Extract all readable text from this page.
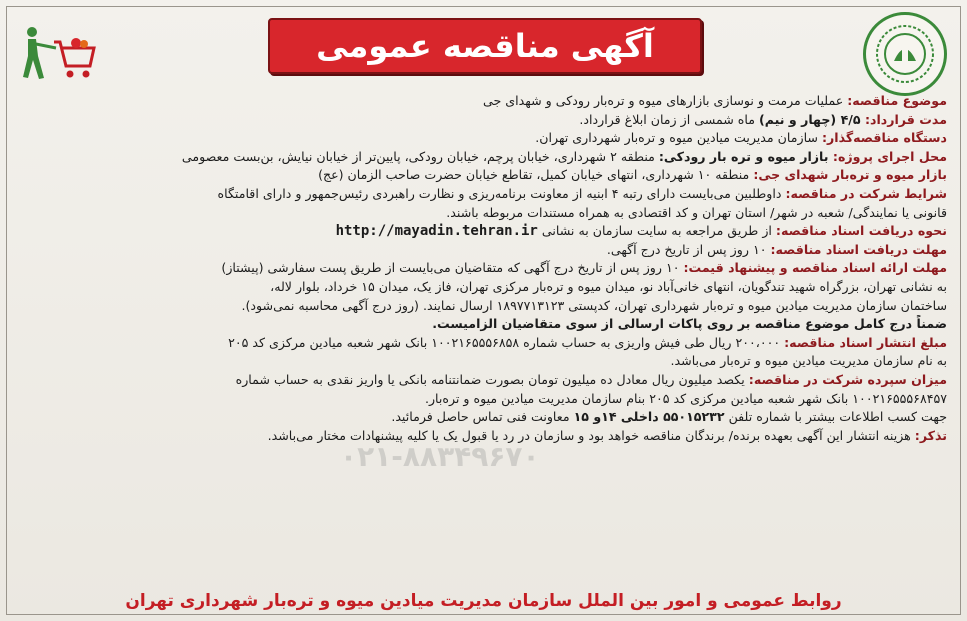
آگهی مناقصه عمومی
موضوع مناقصه: عملیات مرمت و نوسازی بازارهای میوه و تره‌بار رودکی و شهدای جی
مدت قرارداد: ۴/۵ (چهار و نیم) ماه شمسی از زمان ابلاغ قرارداد.
دستگاه مناقصه‌گذار: سازمان مدیریت میادین میوه و تره‌بار شهرداری تهران.
محل اجرای پروژه: بازار میوه و تره بار رودکی: منطقه ۲ شهرداری، خیابان پرچم، خیابان رودکی، پایین‌تر از خیابان نیایش، بن‌بست معصومی
بازار میوه و تره‌بار شهدای جی: منطقه ۱۰ شهرداری، انتهای خیابان کمیل، تقاطع خیابان حضرت صاحب الزمان (عج)
شرایط شرکت در مناقصه: داوطلبین می‌بایست دارای رتبه ۴ ابنیه از معاونت برنامه‌ریزی و نظارت راهبردی رئیس‌جمهور و دارای اقامتگاه
قانونی یا نمایندگی/ شعبه در شهر/ استان تهران و کد اقتصادی به همراه مستندات مربوطه باشند.
نحوه دریافت اسناد مناقصه: از طریق مراجعه به سایت سازمان به نشانی http://mayadin.tehran.ir
مهلت دریافت اسناد مناقصه: ۱۰ روز پس از تاریخ درج آگهی.
مهلت ارائه اسناد مناقصه و پیشنهاد قیمت: ۱۰ روز پس از تاریخ درج آگهی که متقاضیان می‌بایست از طریق پست سفارشی (پیشتاز)
به نشانی تهران، بزرگراه شهید تندگویان، انتهای خانی‌آباد نو، میدان میوه و تره‌بار مرکزی تهران، فاز یک، میدان ۱۵ خرداد، بلوار لاله،
ساختمان سازمان مدیریت میادین میوه و تره‌بار شهرداری تهران، کدپستی ۱۸۹۷۷۱۳۱۲۳ ارسال نمایند. (روز درج آگهی محاسبه نمی‌شود).
ضمناً درج کامل موضوع مناقصه بر روی پاکات ارسالی از سوی متقاضیان الزامیست.
مبلغ انتشار اسناد مناقصه: ۲۰۰،۰۰۰ ریال طی فیش واریزی به حساب شماره ۱۰۰۲۱۶۵۵۵۶۸۵۸ بانک شهر شعبه میادین مرکزی کد ۲۰۵
به نام سازمان مدیریت میادین میوه و تره‌بار می‌باشد.
میزان سپرده شرکت در مناقصه: یکصد میلیون ریال معادل ده میلیون تومان بصورت ضمانتنامه بانکی یا واریز نقدی به حساب شماره
۱۰۰۲۱۶۵۵۵۶۸۴۵۷ بانک شهر شعبه میادین مرکزی کد ۲۰۵ بنام سازمان مدیریت میادین میوه و تره‌بار.
جهت کسب اطلاعات بیشتر با شماره تلفن ۵۵۰۱۵۲۳۲ داخلی ۱۴و ۱۵ معاونت فنی تماس حاصل فرمائید.
تذکر: هزینه انتشار این آگهی بعهده برنده/ برندگان مناقصه خواهد بود و سازمان در رد یا قبول یک یا کلیه پیشنهادات مختار می‌باشد.
۰۲۱-۸۸۳۴۹۶۷۰
روابط عمومی و امور بین الملل سازمان مدیریت میادین میوه و تره‌بار شهرداری تهران
